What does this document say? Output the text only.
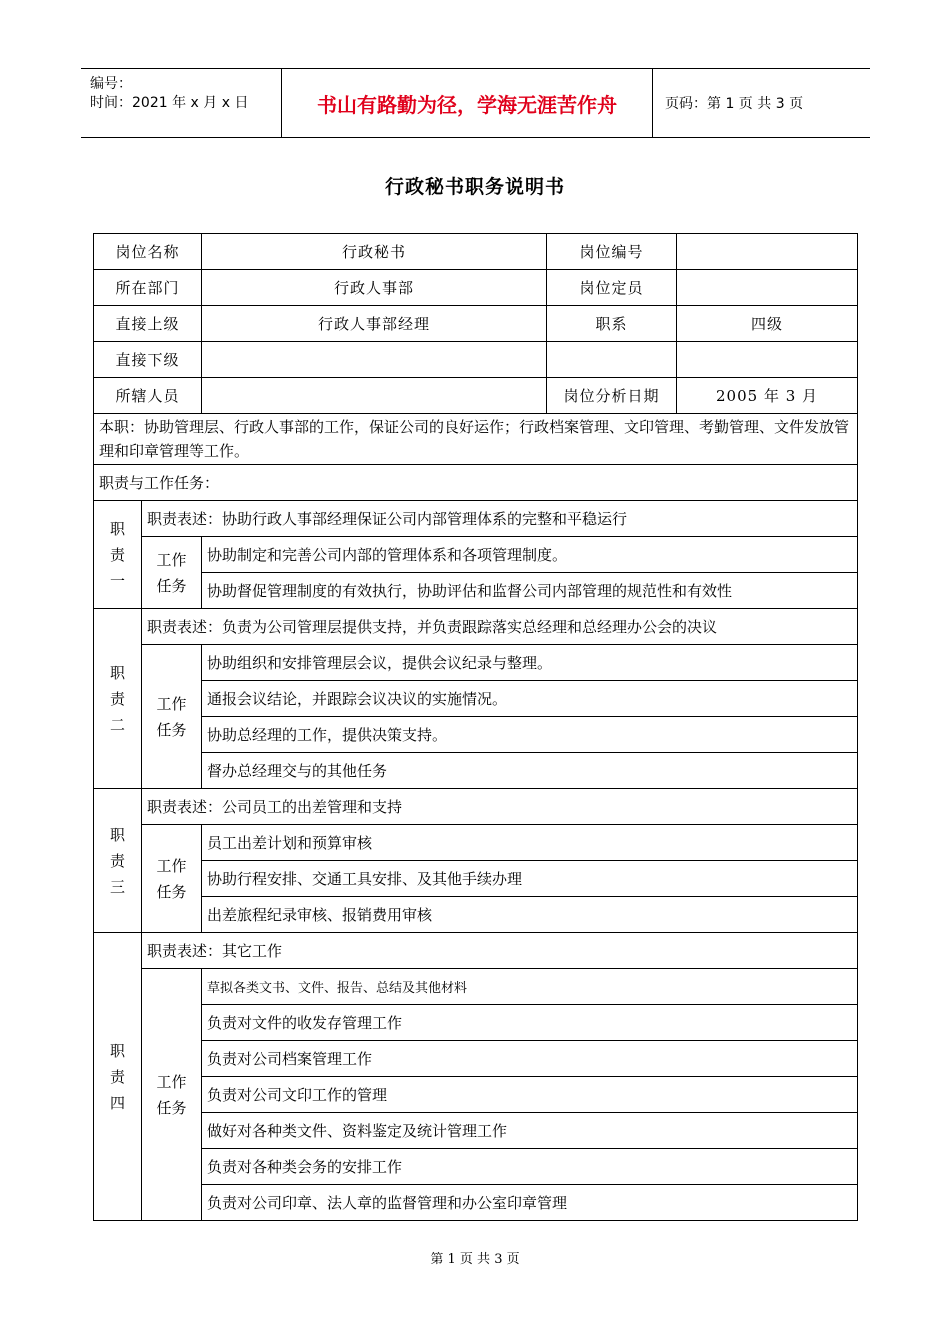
编号：
时间：2021 年 x 月 x 日	书山有路勤为径，学海无涯苦作舟	页码：第 1 页 共 3 页
行政秘书职务说明书
岗位名称		行政秘书	岗位编号	
所在部门		行政人事部	岗位定员	
直接上级		行政人事部经理	职系	四级
直接下级				
所辖人员			岗位分析日期	2005 年 3 月
本职：协助管理层、行政人事部的工作，保证公司的良好运作；行政档案管理、文印管理、考勤管理、文件发放管理和印章管理等工作。				
职责与工作任务：				

职
责
一	职责表述：协助行政人事部经理保证公司内部管理体系的完整和平稳运行			

	工作
任务	协助制定和完善公司内部的管理体系和各项管理制度。		
		协助督促管理制度的有效执行，协助评估和监督公司内部管理的规范性和有效性		

职
责
二	职责表述：负责为公司管理层提供支持，并负责跟踪落实总经理和总经理办公会的决议			

	工作
任务	协助组织和安排管理层会议，提供会议纪录与整理。		
		通报会议结论，并跟踪会议决议的实施情况。		
		协助总经理的工作，提供决策支持。		
		督办总经理交与的其他任务		

职
责
三	职责表述：公司员工的出差管理和支持			

	工作
任务	员工出差计划和预算审核		
		协助行程安排、交通工具安排、及其他手续办理		
		出差旅程纪录审核、报销费用审核		

职
责
四	职责表述：其它工作			

	工作
任务	草拟各类文书、文件、报告、总结及其他材料		
		负责对文件的收发存管理工作		
		负责对公司档案管理工作		
		负责对公司文印工作的管理		
		做好对各种类文件、资料鉴定及统计管理工作		
		负责对各种类会务的安排工作		
		负责对公司印章、法人章的监督管理和办公室印章管理		
第 1 页 共 3 页
